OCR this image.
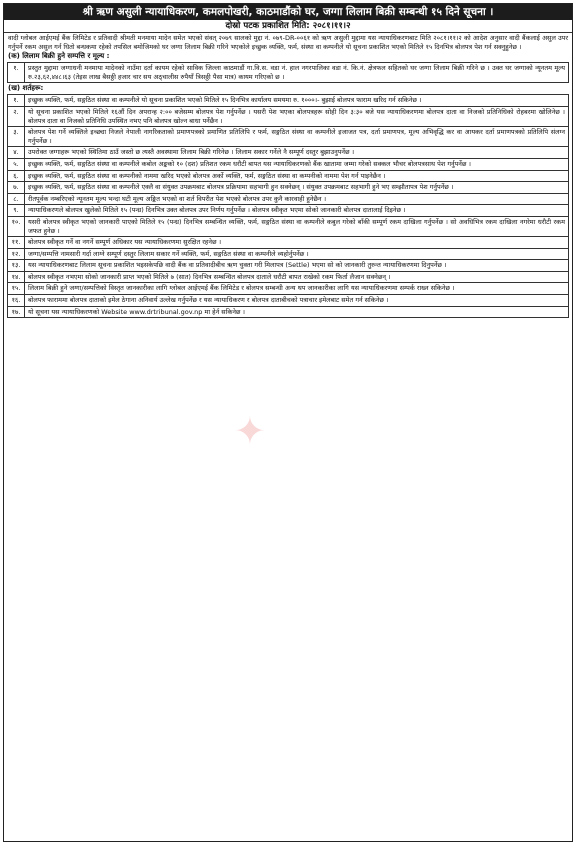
श्री ऋण असुली न्यायाधिकरण, कमलपोखरी, काठमाडौंको घर, जग्गा लिलाम बिक्री सम्बन्धी १५ दिने सूचना ।
दोस्रो पटक प्रकाशित मिति: २०८१।११।२
वादी ग्लोबल आईएमई बैंक लिमिटेड र प्रतिवादी श्रीमती मनमाया मादेन समेत भएको संवत् २०७९ सालको मुद्दा नं. ०७९-DR-००६१ को ऋण असुली मुद्दामा यस न्यायाधिकरणबाट मिति २०८१।११।२ को आदेश अनुसार वादी बैंकलाई असुल उपर गर्नुपर्ने रकम असुल गर्न धितो बन्धकमा रहेको तपसिल बमोजिमको घर जग्गा लिलाम बिक्री गरिने भएकोले इच्छुक व्यक्ति, फर्म, संस्था वा कम्पनीले यो सूचना प्रकाशित भएको मितिले १५ दिनभित्र बोलपत्र पेश गर्न सक्नुहुनेछ ।
(क) लिलाम बिक्री हुने सम्पत्ति र मूल्य :
१.	प्रस्तुत मुद्दामा जग्गाधनी मनमाया मादेनको नाउँमा दर्ता कायम रहेको साविक जिल्ला काठमाडौं गा.वि.स. वडा नं. हाल नगरपालिका वडा नं. कि.नं. क्षेत्रफल सहितको घर जग्गा लिलाम बिक्री गरिने छ । उक्त घर जग्गाको न्यूनतम मूल्य रु.२३,६२,४४८।६३ (तेइस लाख बैसठ्ठी हजार चार सय अठ्चालीस रुपैयाँ त्रिसठ्ठी पैसा मात्र) कायम गरिएको छ ।
(ख) शर्तहरू:
१.	इच्छुक व्यक्ति, फर्म, सङ्गठित संस्था वा कम्पनीले यो सूचना प्रकाशित भएको मितिले १५ दिनभित्र कार्यालय समयमा रु. १०००।- बुझाई बोलपत्र फाराम खरिद गर्न सकिनेछ ।
२.	यो सूचना प्रकाशित भएको मितिले १६औं दिन अपरान्ह २:०० बजेसम्म बोलपत्र पेश गर्नुपर्नेछ । यसरी पेश भएका बोलपत्रहरू सोही दिन ३:३० बजे यस न्यायाधिकरणमा बोलपत्र दाता वा निजको प्रतिनिधिको रोहबरमा खोलिनेछ । बोलपत्र दाता वा निजको प्रतिनिधि उपस्थित नभए पनि बोलपत्र खोल्न बाधा पर्नेछैन ।
३.	बोलपत्र पेश गर्ने व्यक्तिले इच्छ्या निजले नेपाली नागरिकताको प्रमाणपत्रको प्रमाणित प्रतिलिपि र फर्म, सङ्गठित संस्था वा कम्पनीले इजाजत पत्र, दर्ता प्रमाणपत्र, मूल्य अभिवृद्धि कर वा आयकर दर्ता प्रमाणपत्रको प्रतिलिपि संलग्न गर्नुपर्नेछ ।
४.	उपरोक्त जग्गाहरू भएको स्थितिमा ठाउँ जस्तो छ त्यस्तै अवस्थामा लिलाम बिक्री गरिनेछ । लिलाम सकार गर्नेले नै सम्पूर्ण दस्तुर बुझाउनुपर्नेछ ।
५.	इच्छुक व्यक्ति, फर्म, सङ्गठित संस्था वा कम्पनीले कबोल अङ्कको १० (दश) प्रतिशत रकम धरौटी बापत यस न्यायाधिकरणको बैंक खातामा जम्मा गरेको सक्कल भौचर बोलपत्रसाथ पेश गर्नुपर्नेछ ।
६.	इच्छुक व्यक्ति, फर्म, सङ्गठित संस्था वा कम्पनीको नाममा खरिद भएको बोलपत्र अर्को व्यक्ति, फर्म, सङ्गठित संस्था वा कम्पनीको नाममा पेश गर्न पाइनेछैन ।
७.	इच्छुक व्यक्ति, फर्म, सङ्गठित संस्था वा कम्पनीले एक्लै वा संयुक्त उपक्रमबाट बोलपत्र प्रक्रियामा सहभागी हुन सक्नेछन् । संयुक्त उपक्रमबाट सहभागी हुने भए सम्झौतापत्र पेश गर्नुपर्नेछ ।
८.	रीतपूर्वक नम्बरिएको न्यूनतम मूल्य भन्दा घटी मूल्य अङ्कित भएको वा शर्त विपरीत पेश भएको बोलपत्र उपर कुनै कारवाही हुनेछैन ।
९.	न्यायाधिकरणले बोलपत्र खुलेको मितिले १५ (पन्ध्र) दिनभित्र उक्त बोलपत्र उपर निर्णय गर्नुपर्नेछ । बोलपत्र स्वीकृत भएमा सोको जानकारी बोलपत्र दातालाई दिइनेछ ।
१०.	यसरी बोलपत्र स्वीकृत भएको जानकारी पाएको मितिले १५ (पन्ध्र) दिनभित्र सम्बन्धित व्यक्ति, फर्म, सङ्गठित संस्था वा कम्पनीले कबुल गरेको बाँकी सम्पूर्ण रकम दाखिला गर्नुपर्नेछ । सो अवधिभित्र रकम दाखिला नगरेमा धरौटी रकम जफत हुनेछ ।
११.	बोलपत्र स्वीकृत गर्ने वा नगर्ने सम्पूर्ण अधिकार यस न्यायाधिकरणमा सुरक्षित रहनेछ ।
१२.	जग्गा/सम्पत्ति नामसारी गर्दा लाग्ने सम्पूर्ण दस्तुर लिलाम सकार गर्ने व्यक्ति, फर्म, सङ्गठित संस्था वा कम्पनीले व्यहोर्नुपर्नेछ ।
१३.	यस न्यायाधिकरणबाट लिलाम सूचना प्रकाशित भइसकेपछि वादी बैंक वा प्रतिवादीबीच ऋण चुक्ता गरी मिलापत्र (Settle) भएमा सो को जानकारी तुरुन्त न्यायाधिकरणमा दिनुपर्नेछ ।
१४.	बोलपत्र स्वीकृत नभएमा सोको जानकारी प्राप्त भएको मितिले ७ (सात) दिनभित्र सम्बन्धित बोलपत्र दाताले धरौटी बापत राखेको रकम फिर्ता लैजान सक्नेछन् ।
१५.	लिलाम बिक्री हुने जग्गा/सम्पत्तिको विस्तृत जानकारीका लागि ग्लोबल आईएमई बैंक लिमिटेड र बोलपत्र सम्बन्धी अन्य थप जानकारीका लागि यस न्यायाधिकरणमा सम्पर्क राख्न सकिनेछ ।
१६.	बोलपत्र फाराममा बोलपत्र दाताको इमेल ठेगाना अनिवार्य उल्लेख गर्नुपर्नेछ र यस न्यायाधिकरण र बोलपत्र दाताबीचको पत्राचार इमेलबाट समेत गर्न सकिनेछ ।
१७.	यो सूचना यस न्यायाधिकरणको Website www.drtribunal.gov.np मा हेर्न सकिनेछ ।
✦
